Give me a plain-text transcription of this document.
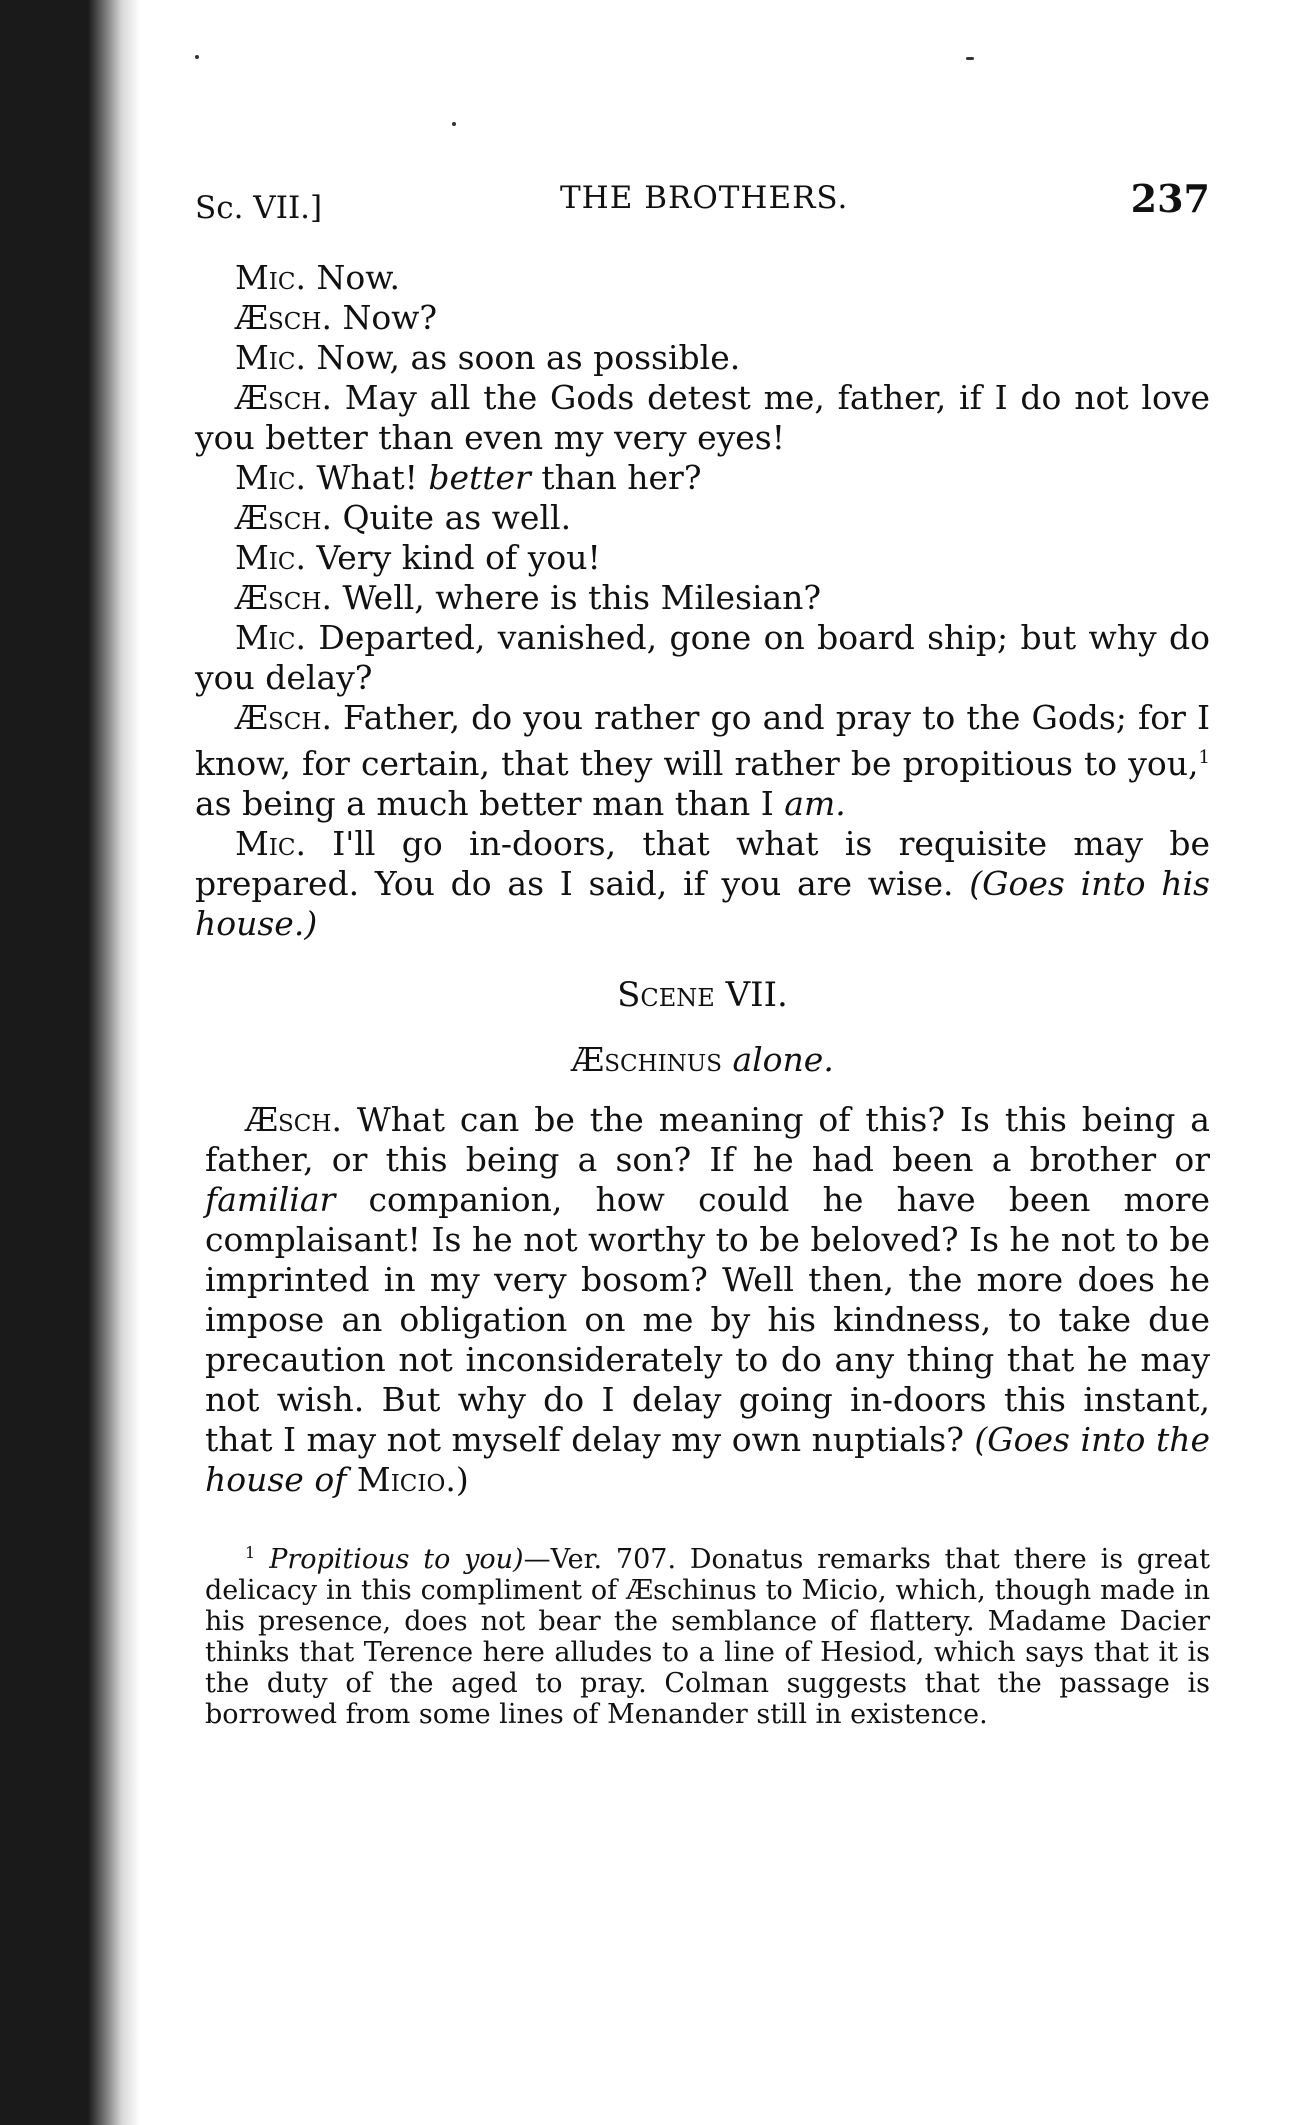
Sc. VII.]	THE BROTHERS.	237
Mic. Now.
Æsch. Now?
Mic. Now, as soon as possible.
Æsch. May all the Gods detest me, father, if I do not love you better than even my very eyes!
Mic. What! better than her?
Æsch. Quite as well.
Mic. Very kind of you!
Æsch. Well, where is this Milesian?
Mic. Departed, vanished, gone on board ship; but why do you delay?
Æsch. Father, do you rather go and pray to the Gods; for I know, for certain, that they will rather be propitious to you,$^1$ as being a much better man than I am.
Mic. I'll go in-doors, that what is requisite may be prepared. You do as I said, if you are wise. (Goes into his house.)
Scene VII.
Æschinus alone.
Æsch. What can be the meaning of this? Is this being a father, or this being a son? If he had been a brother or familiar companion, how could he have been more complaisant! Is he not worthy to be beloved? Is he not to be imprinted in my very bosom? Well then, the more does he impose an obligation on me by his kindness, to take due precaution not inconsiderately to do any thing that he may not wish. But why do I delay going in-doors this instant, that I may not myself delay my own nuptials? (Goes into the house of Micio.)
$^1$ Propitious to you)—Ver. 707. Donatus remarks that there is great delicacy in this compliment of Æschinus to Micio, which, though made in his presence, does not bear the semblance of flattery. Madame Dacier thinks that Terence here alludes to a line of Hesiod, which says that it is the duty of the aged to pray. Colman suggests that the passage is borrowed from some lines of Menander still in existence.
